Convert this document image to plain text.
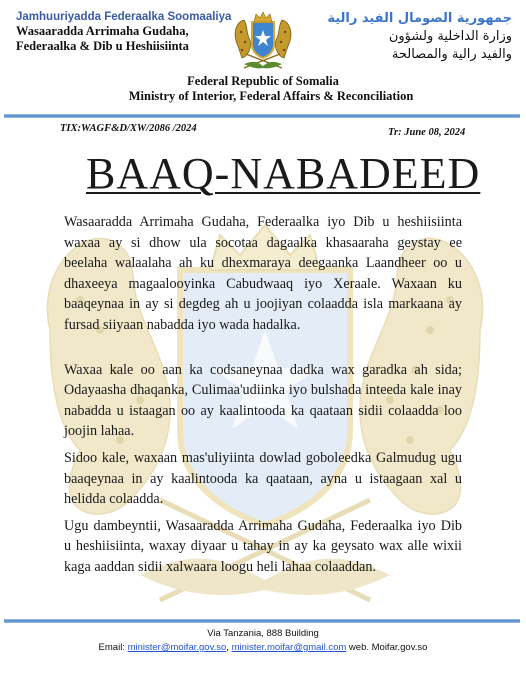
Jamhuuriyadda Federaalka Soomaaliya
Wasaaradda Arrimaha Gudaha,
Federaalka & Dib u Heshiisiinta
جمهورية الصومال الفيد رالية
وزارة الداخلية ولشؤون
والفيد رالية والمصالحة
Federal Republic of Somalia
Ministry of Interior, Federal Affairs & Reconciliation
TIX:WAGF&D/XW/2086 /2024	Tr: June 08, 2024
BAAQ-NABADEED

Wasaaradda Arrimaha Gudaha, Federaalka iyo Dib u heshiisiinta waxaa ay si dhow ula socotaa dagaalka khasaaraha geystay ee beelaha walaalaha ah ku dhexmaraya deegaanka Laandheer oo u dhaxeeya magaalooyinka Cabudwaaq iyo Xeraale. Waxaan ku baaqeynaa in ay si degdeg ah u joojiyan colaadda isla markaana ay fursad siiyaan nabadda iyo wada hadalka.

Waxaa kale oo aan ka codsaneynaa dadka wax garadka ah sida; Odayaasha dhaqanka, Culimaa'udiinka iyo bulshada inteeda kale inay nabadda u istaagan oo ay kaalintooda ka qaataan sidii colaadda loo joojin lahaa.

Sidoo kale, waxaan mas'uliyiinta dowlad goboleedka Galmudug ugu baaqeynaa in ay kaalintooda ka qaataan, ayna u istaagaan xal u helidda colaadda.

Ugu dambeyntii, Wasaaradda Arrimaha Gudaha, Federaalka iyo Dib u heshiisiinta, waxay diyaar u tahay in ay ka geysato wax alle wixii kaga aaddan sidii xalwaara loogu heli lahaa colaaddan.

Via Tanzania, 888 Building
Email: minister@moifar.gov.so, minister.moifar@gmail.com web. Moifar.gov.so
